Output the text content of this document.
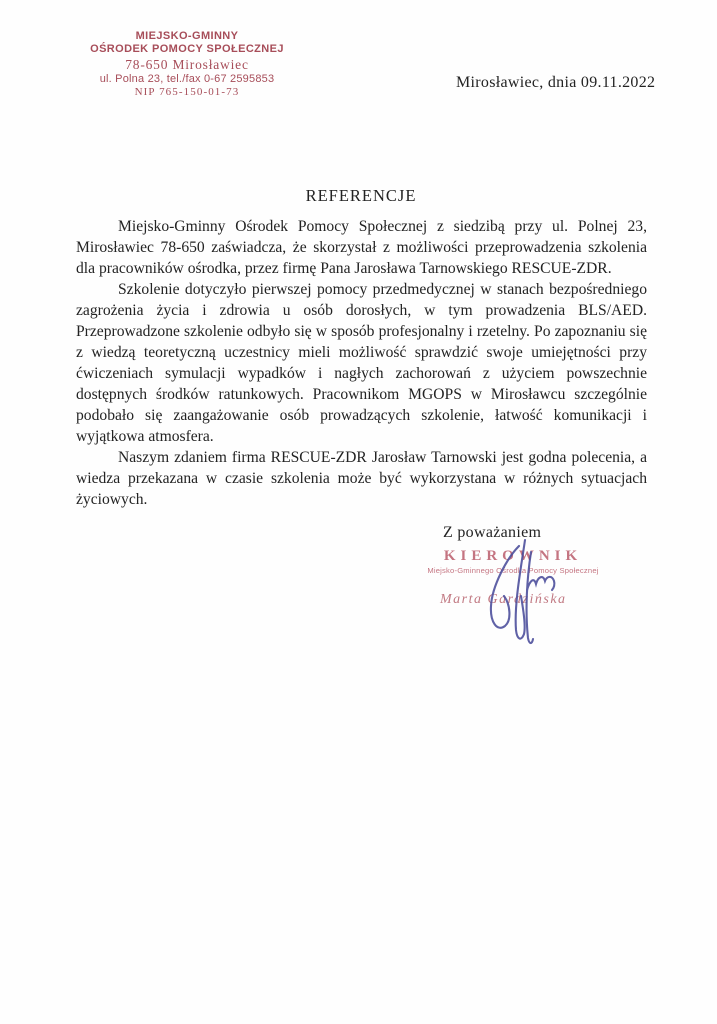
MIEJSKO-GMINNY
OŚRODEK POMOCY SPOŁECZNEJ
78-650 Mirosławiec
ul. Polna 23, tel./fax 0-67 2595853
NIP 765-150-01-73
Mirosławiec, dnia 09.11.2022
REFERENCJE

Miejsko-Gminny Ośrodek Pomocy Społecznej z siedzibą przy ul. Polnej 23, Mirosławiec 78-650 zaświadcza, że skorzystał z możliwości przeprowadzenia szkolenia dla pracowników ośrodka, przez firmę Pana Jarosława Tarnowskiego RESCUE-ZDR.

Szkolenie dotyczyło pierwszej pomocy przedmedycznej w stanach bezpośredniego zagrożenia życia i zdrowia u osób dorosłych, w tym prowadzenia BLS/AED. Przeprowadzone szkolenie odbyło się w sposób profesjonalny i rzetelny. Po zapoznaniu się z wiedzą teoretyczną uczestnicy mieli możliwość sprawdzić swoje umiejętności przy ćwiczeniach symulacji wypadków i nagłych zachorowań z użyciem powszechnie dostępnych środków ratunkowych. Pracownikom MGOPS w Mirosławcu szczególnie podobało się zaangażowanie osób prowadzących szkolenie, łatwość komunikacji i wyjątkowa atmosfera.

Naszym zdaniem firma RESCUE-ZDR Jarosław Tarnowski jest godna polecenia, a wiedza przekazana w czasie szkolenia może być wykorzystana w różnych sytuacjach życiowych.

Z poważaniem
KIEROWNIK
Miejsko-Gminnego Ośrodka Pomocy Społecznej
Marta Gardzińska
